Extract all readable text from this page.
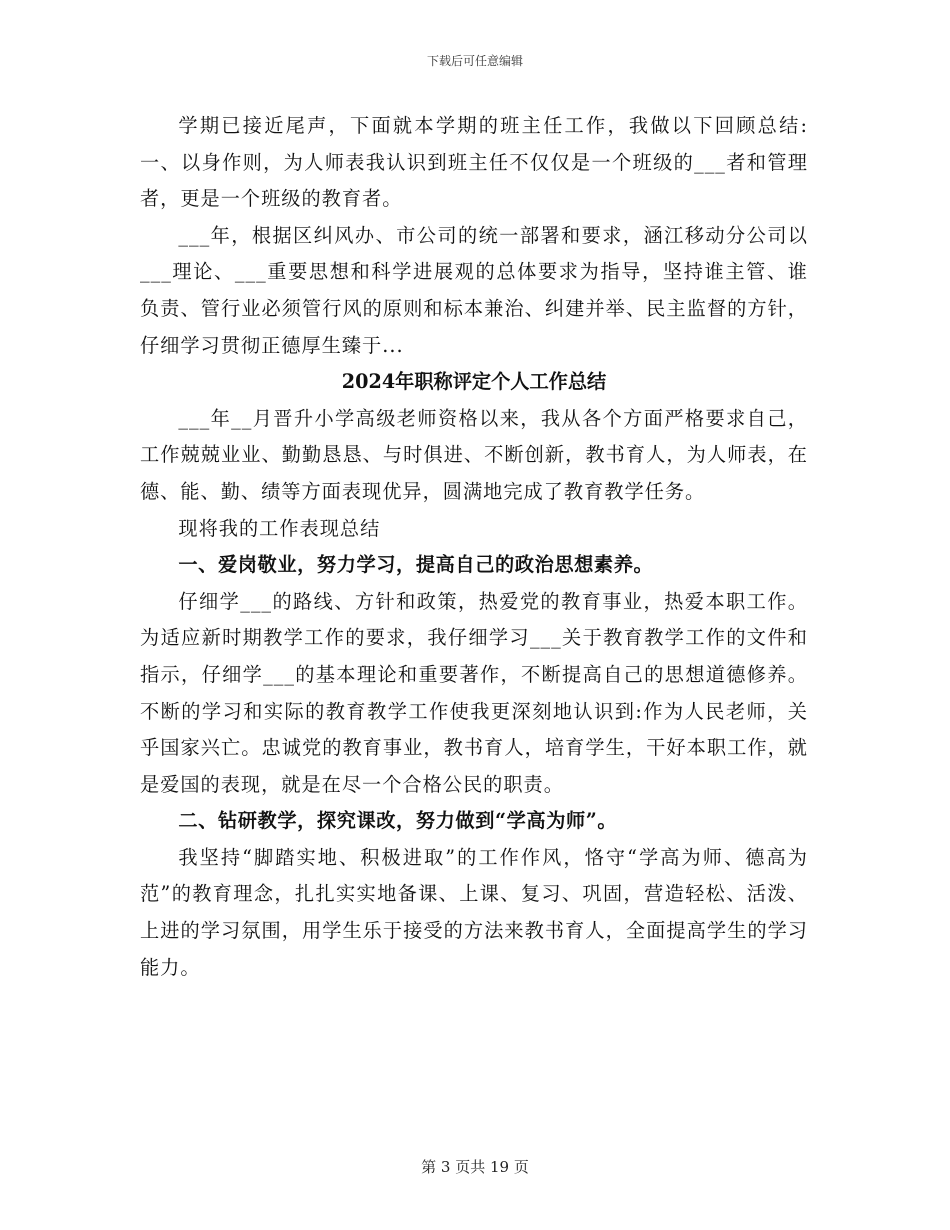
下载后可任意编辑

学期已接近尾声，下面就本学期的班主任工作，我做以下回顾总结:一、以身作则，为人师表我认识到班主任不仅仅是一个班级的___者和管理者，更是一个班级的教育者。

___年，根据区纠风办、市公司的统一部署和要求，涵江移动分公司以___理论、___重要思想和科学进展观的总体要求为指导，坚持谁主管、谁负责、管行业必须管行风的原则和标本兼治、纠建并举、民主监督的方针，仔细学习贯彻正德厚生臻于...

2024年职称评定个人工作总结

___年__月晋升小学高级老师资格以来，我从各个方面严格要求自己，工作兢兢业业、勤勤恳恳、与时俱进、不断创新，教书育人，为人师表，在德、能、勤、绩等方面表现优异，圆满地完成了教育教学任务。

现将我的工作表现总结

一、爱岗敬业，努力学习，提高自己的政治思想素养。

仔细学___的路线、方针和政策，热爱党的教育事业，热爱本职工作。为适应新时期教学工作的要求，我仔细学习___关于教育教学工作的文件和指示，仔细学___的基本理论和重要著作，不断提高自己的思想道德修养。不断的学习和实际的教育教学工作使我更深刻地认识到:作为人民老师，关乎国家兴亡。忠诚党的教育事业，教书育人，培育学生，干好本职工作，就是爱国的表现，就是在尽一个合格公民的职责。

二、钻研教学，探究课改，努力做到“学高为师”。

我坚持“脚踏实地、积极进取”的工作作风，恪守“学高为师、德高为范”的教育理念，扎扎实实地备课、上课、复习、巩固，营造轻松、活泼、上进的学习氛围，用学生乐于接受的方法来教书育人，全面提高学生的学习能力。

第 3 页共 19 页
